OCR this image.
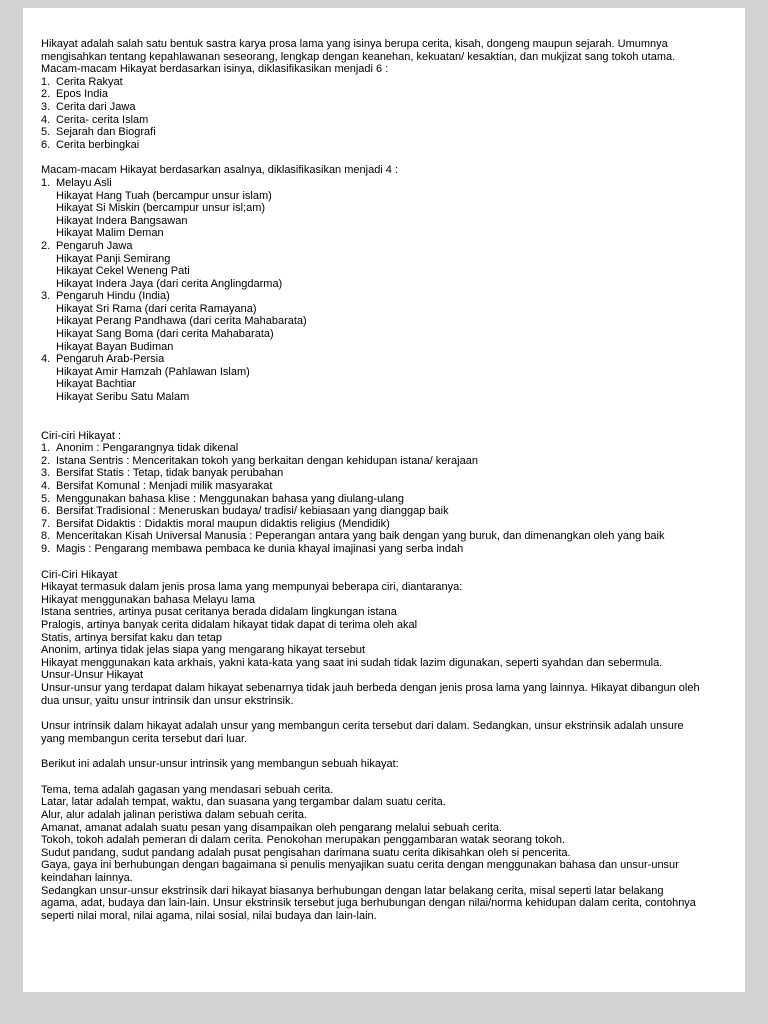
Hikayat adalah salah satu bentuk sastra karya prosa lama yang isinya berupa cerita, kisah, dongeng maupun sejarah. Umumnya mengisahkan tentang kepahlawanan seseorang, lengkap dengan keanehan, kekuatan/ kesaktian, dan mukjizat sang tokoh utama. Macam-macam Hikayat berdasarkan isinya, diklasifikasikan menjadi 6 :

1. Cerita Rakyat
2. Epos India
3. Cerita dari Jawa
4. Cerita- cerita Islam
5. Sejarah dan Biografi
6. Cerita berbingkai

Macam-macam Hikayat berdasarkan asalnya, diklasifikasikan menjadi 4 :

1. Melayu Asli
Hikayat Hang Tuah (bercampur unsur islam)
Hikayat Si Miskin (bercampur unsur isl;am)
Hikayat Indera Bangsawan
Hikayat Malim Deman
2. Pengaruh Jawa
Hikayat Panji Semirang
Hikayat Cekel Weneng Pati
Hikayat Indera Jaya (dari cerita Anglingdarma)
3. Pengaruh Hindu (India)
Hikayat Sri Rama (dari cerita Ramayana)
Hikayat Perang Pandhawa (dari cerita Mahabarata)
Hikayat Sang Boma (dari cerita Mahabarata)
Hikayat Bayan Budiman
4. Pengaruh Arab-Persia
Hikayat Amir Hamzah (Pahlawan Islam)
Hikayat Bachtiar
Hikayat Seribu Satu Malam

Ciri-ciri Hikayat :

1. Anonim : Pengarangnya tidak dikenal
2. Istana Sentris : Menceritakan tokoh yang berkaitan dengan kehidupan istana/ kerajaan
3. Bersifat Statis : Tetap, tidak banyak perubahan
4. Bersifat Komunal : Menjadi milik masyarakat
5. Menggunakan bahasa klise : Menggunakan bahasa yang diulang-ulang
6. Bersifat Tradisional : Meneruskan budaya/ tradisi/ kebiasaan yang dianggap baik
7. Bersifat Didaktis : Didaktis moral maupun didaktis religius (Mendidik)
8. Menceritakan Kisah Universal Manusia : Peperangan antara yang baik dengan yang buruk, dan dimenangkan oleh yang baik
9. Magis : Pengarang membawa pembaca ke dunia khayal imajinasi yang serba indah
Ciri-Ciri Hikayat
Hikayat termasuk dalam jenis prosa lama yang mempunyai beberapa ciri, diantaranya:
Hikayat menggunakan bahasa Melayu lama
Istana sentries, artinya pusat ceritanya berada didalam lingkungan istana
Pralogis, artinya banyak cerita didalam hikayat tidak dapat di terima oleh akal
Statis, artinya bersifat kaku dan tetap
Anonim, artinya tidak jelas siapa yang mengarang hikayat tersebut
Hikayat menggunakan kata arkhais, yakni kata-kata yang saat ini sudah tidak lazim digunakan, seperti syahdan dan sebermula.
Unsur-Unsur Hikayat
Unsur-unsur yang terdapat dalam hikayat sebenarnya tidak jauh berbeda dengan jenis prosa lama yang lainnya. Hikayat dibangun oleh dua unsur, yaitu unsur intrinsik dan unsur ekstrinsik.

Unsur intrinsik dalam hikayat adalah unsur yang membangun cerita tersebut dari dalam. Sedangkan, unsur ekstrinsik adalah unsure yang membangun cerita tersebut dari luar.

Berikut ini adalah unsur-unsur intrinsik yang membangun sebuah hikayat:

Tema, tema adalah gagasan yang mendasari sebuah cerita.
Latar, latar adalah tempat, waktu, dan suasana yang tergambar dalam suatu cerita.
Alur, alur adalah jalinan peristiwa dalam sebuah cerita.
Amanat, amanat adalah suatu pesan yang disampaikan oleh pengarang melalui sebuah cerita.
Tokoh, tokoh adalah pemeran di dalam cerita. Penokohan merupakan penggambaran watak seorang tokoh.
Sudut pandang, sudut pandang adalah pusat pengisahan darimana suatu cerita dikisahkan oleh si pencerita.
Gaya, gaya ini berhubungan dengan bagaimana si penulis menyajikan suatu cerita dengan menggunakan bahasa dan unsur-unsur keindahan lainnya.
Sedangkan unsur-unsur ekstrinsik dari hikayat biasanya berhubungan dengan latar belakang cerita, misal seperti latar belakang agama, adat, budaya dan lain-lain. Unsur ekstrinsik tersebut juga berhubungan dengan nilai/norma kehidupan dalam cerita, contohnya seperti nilai moral, nilai agama, nilai sosial, nilai budaya dan lain-lain.
